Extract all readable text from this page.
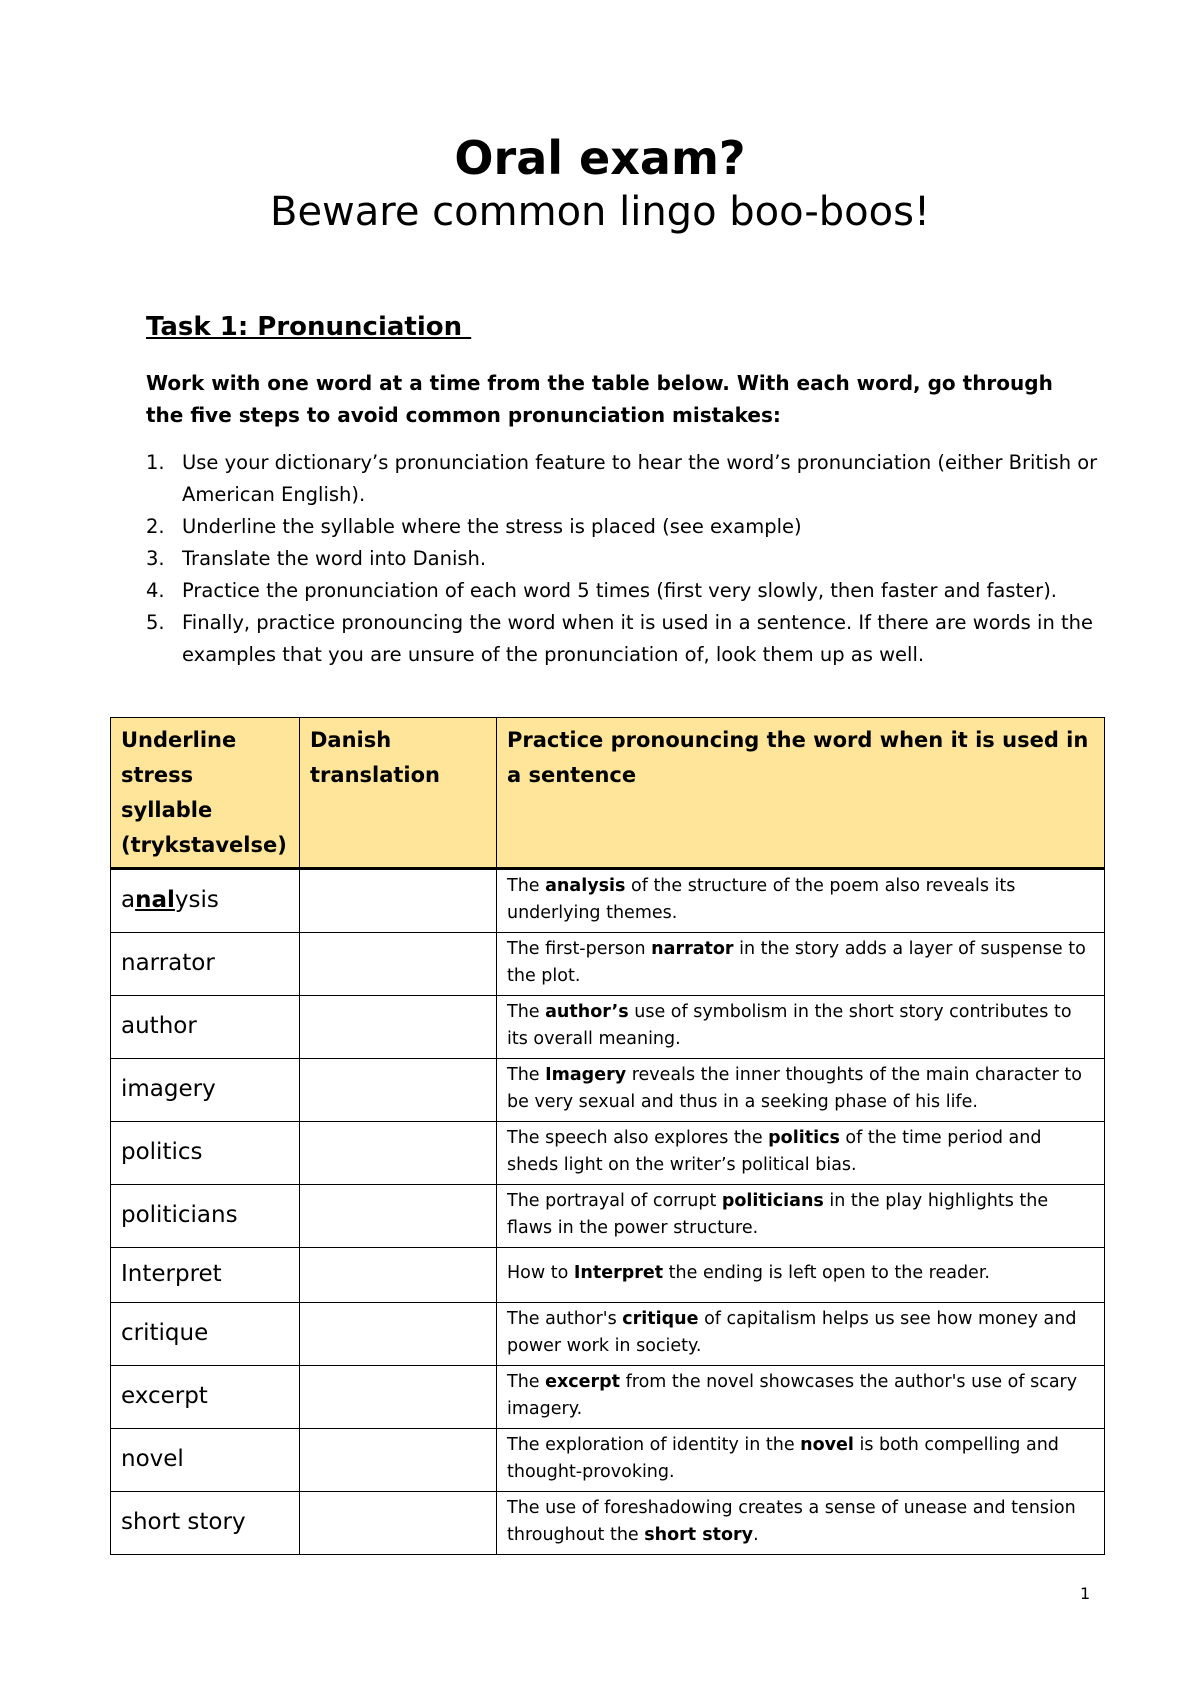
Oral exam?
Beware common lingo boo-boos!
Task 1: Pronunciation
Work with one word at a time from the table below. With each word, go through the five steps to avoid common pronunciation mistakes:
1. Use your dictionary’s pronunciation feature to hear the word’s pronunciation (either British or American English).
2. Underline the syllable where the stress is placed (see example)
3. Translate the word into Danish.
4. Practice the pronunciation of each word 5 times (first very slowly, then faster and faster).
5. Finally, practice pronouncing the word when it is used in a sentence. If there are words in the examples that you are unsure of the pronunciation of, look them up as well.
Underline stress syllable (trykstavelse)	Danish translation	Practice pronouncing the word when it is used in a sentence
analysis		The analysis of the structure of the poem also reveals its underlying themes.
narrator		The first-person narrator in the story adds a layer of suspense to the plot.
author		The author’s use of symbolism in the short story contributes to its overall meaning.
imagery		The Imagery reveals the inner thoughts of the main character to be very sexual and thus in a seeking phase of his life.
politics		The speech also explores the politics of the time period and sheds light on the writer’s political bias.
politicians		The portrayal of corrupt politicians in the play highlights the flaws in the power structure.
Interpret		How to Interpret the ending is left open to the reader.
critique		The author's critique of capitalism helps us see how money and power work in society.
excerpt		The excerpt from the novel showcases the author's use of scary imagery.
novel		The exploration of identity in the novel is both compelling and thought-provoking.
short story		The use of foreshadowing creates a sense of unease and tension throughout the short story.
1
